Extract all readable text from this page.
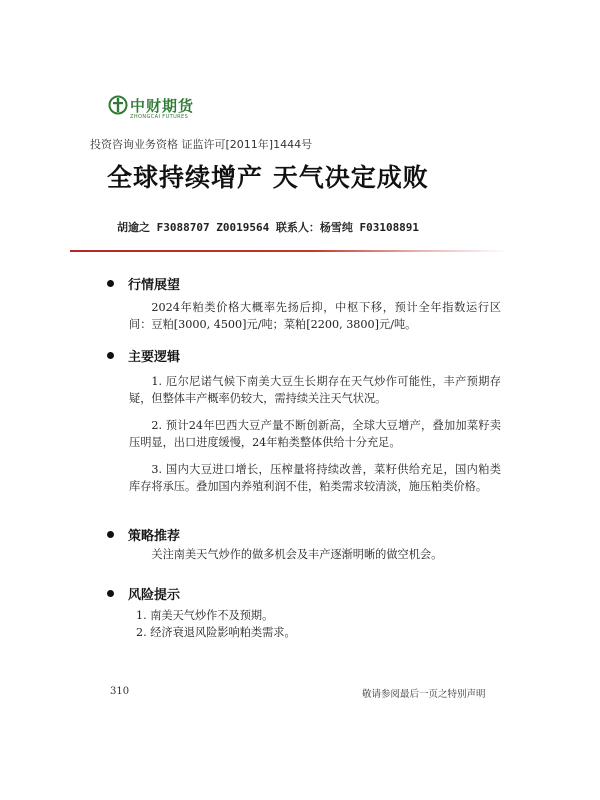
中财期货
ZHONGCAI FUTURES
投资咨询业务资格 证监许可[2011年]1444号
全球持续增产 天气决定成败
胡逾之 F3088707 Z0019564 联系人：杨雪纯 F03108891
行情展望
2024年粕类价格大概率先扬后抑，中枢下移，预计全年指数运行区间：豆粕[3000, 4500]元/吨；菜粕[2200, 3800]元/吨。
主要逻辑
1. 厄尔尼诺气候下南美大豆生长期存在天气炒作可能性，丰产预期存疑，但整体丰产概率仍较大，需持续关注天气状况。
2. 预计24年巴西大豆产量不断创新高，全球大豆增产，叠加加菜籽卖压明显，出口进度缓慢，24年粕类整体供给十分充足。
3. 国内大豆进口增长，压榨量将持续改善，菜籽供给充足，国内粕类库存将承压。叠加国内养殖利润不佳，粕类需求较清淡，施压粕类价格。
策略推荐
关注南美天气炒作的做多机会及丰产逐渐明晰的做空机会。
风险提示
1. 南美天气炒作不及预期。
2. 经济衰退风险影响粕类需求。
310	敬请参阅最后一页之特别声明
